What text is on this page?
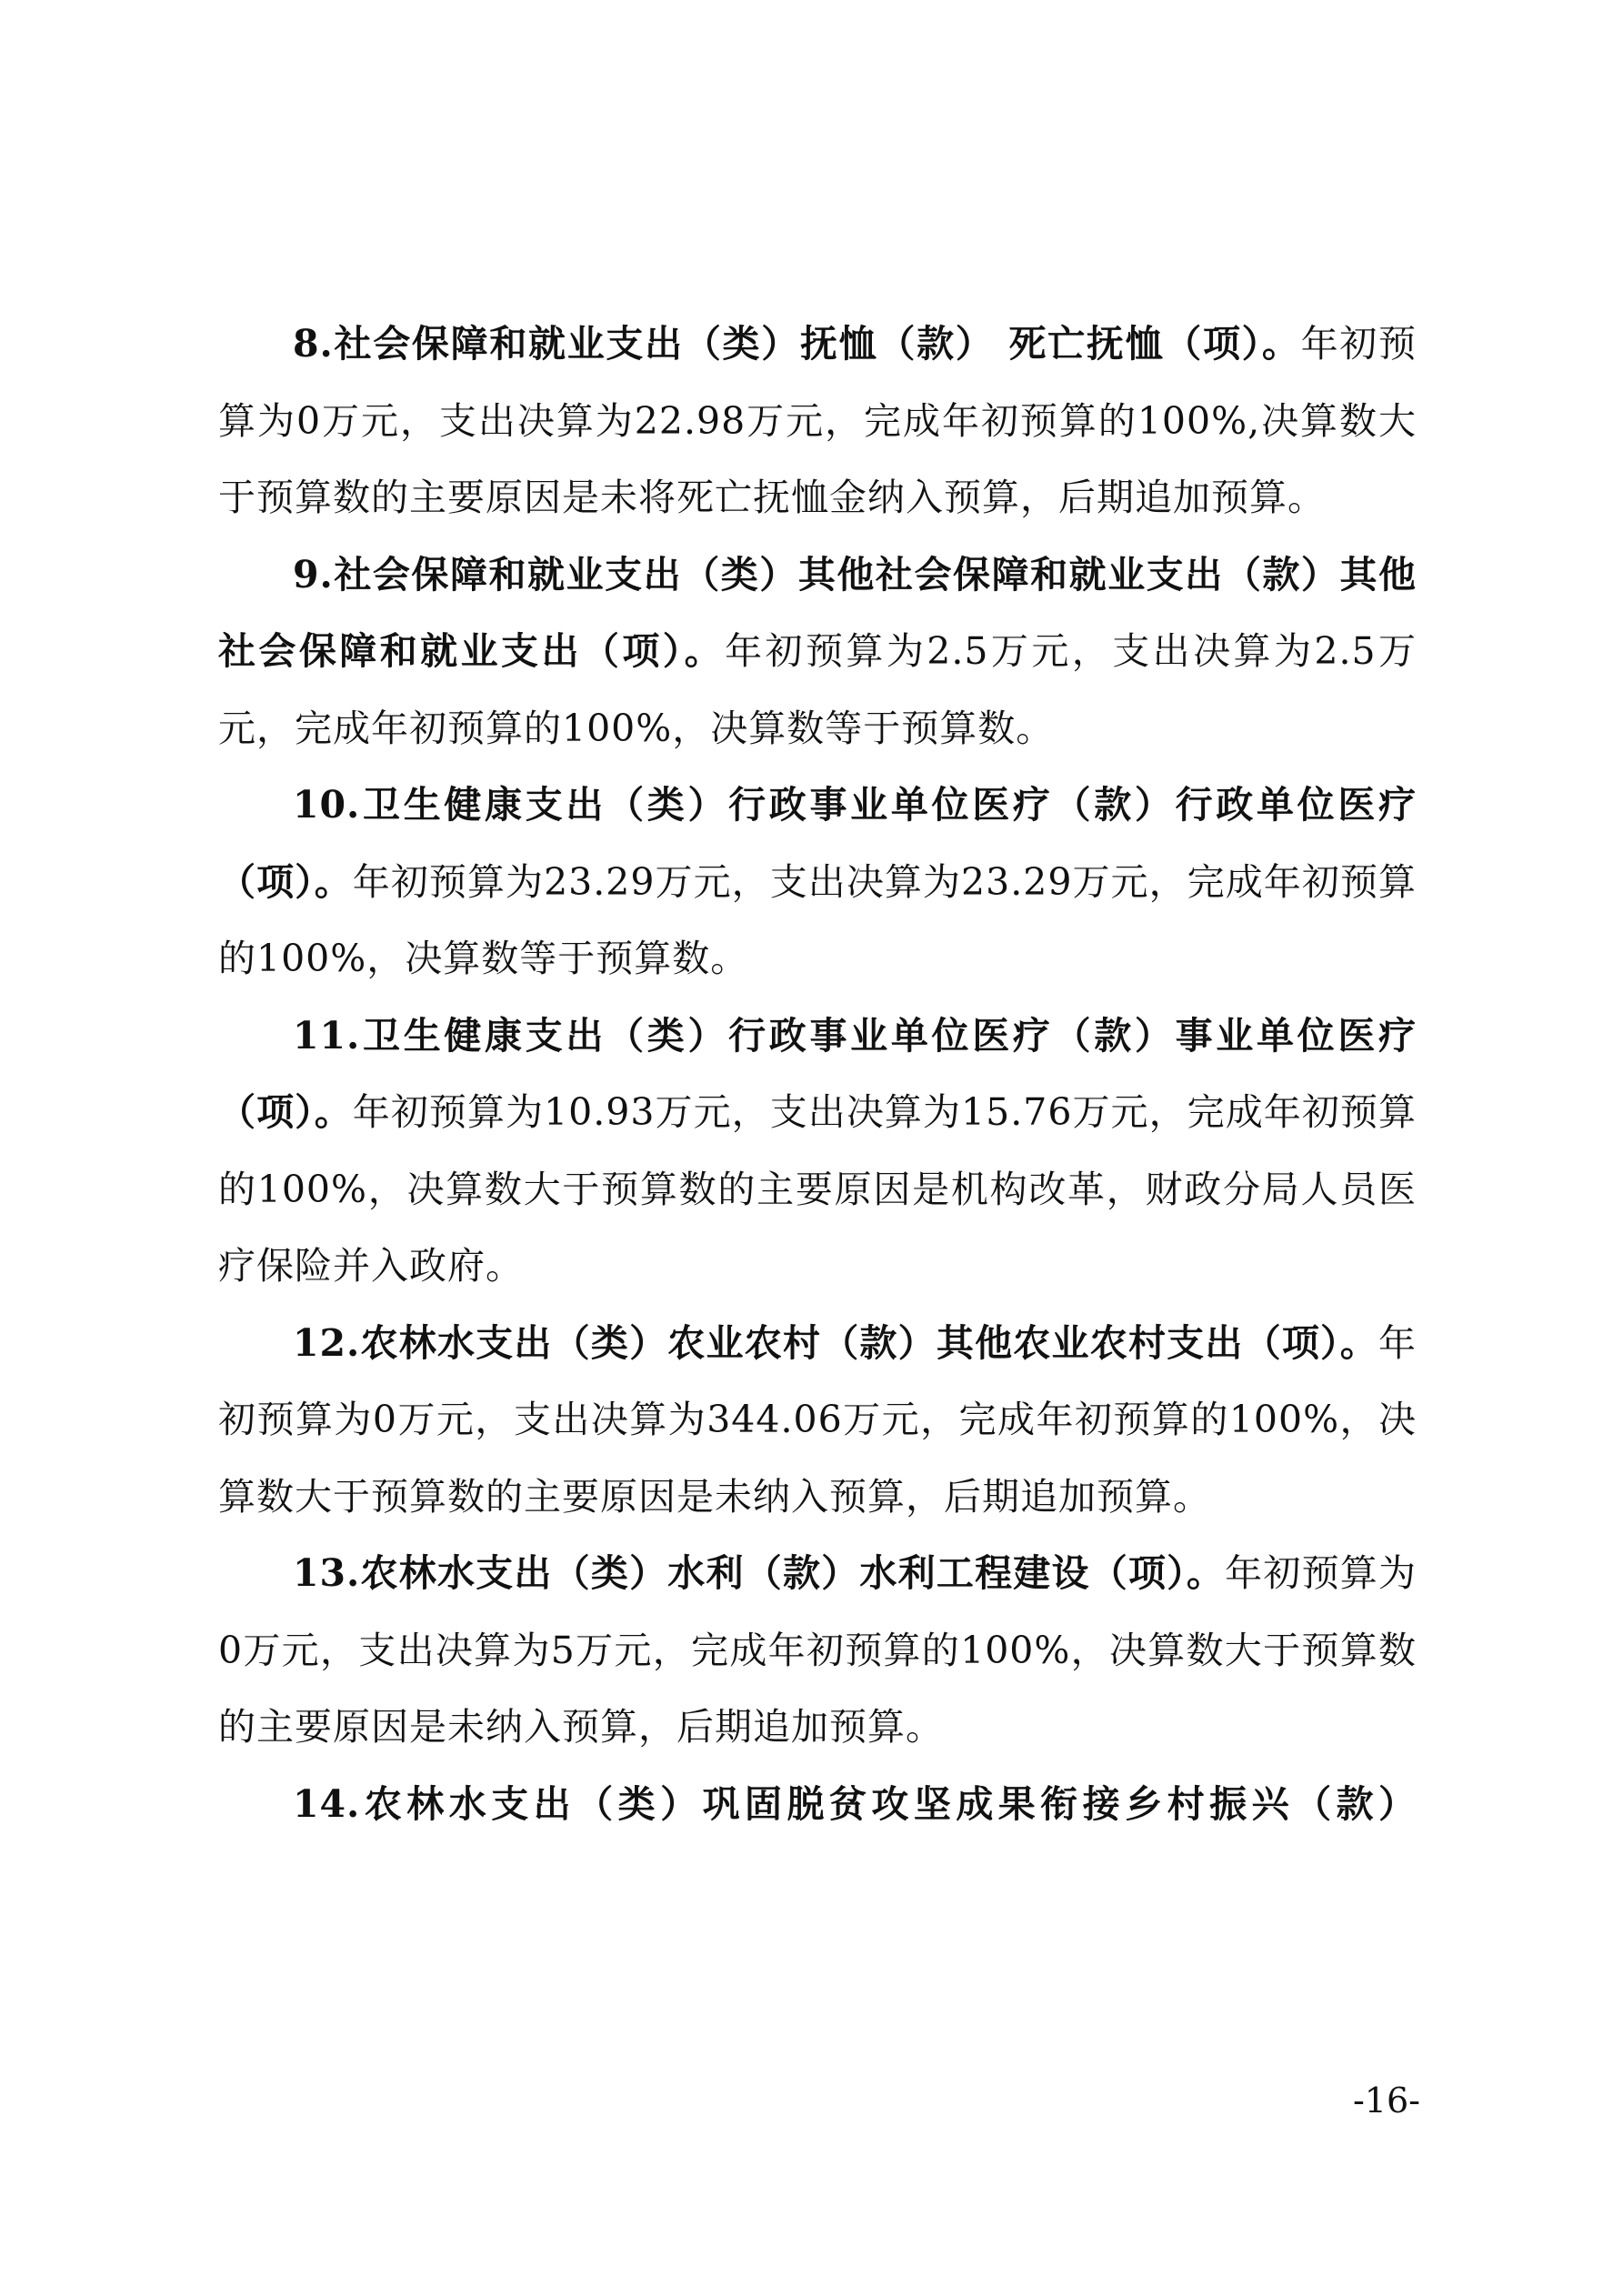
8.社会保障和就业支出（类）抚恤（款） 死亡抚恤（项）。年初预算为0万元，支出决算为22.98万元，完成年初预算的100%,决算数大于预算数的主要原因是未将死亡抚恤金纳入预算，后期追加预算。

9.社会保障和就业支出（类）其他社会保障和就业支出（款）其他社会保障和就业支出（项）。年初预算为2.5万元，支出决算为2.5万元，完成年初预算的100%，决算数等于预算数。

10.卫生健康支出（类）行政事业单位医疗（款）行政单位医疗（项）。年初预算为23.29万元，支出决算为23.29万元，完成年初预算的100%，决算数等于预算数。

11.卫生健康支出（类）行政事业单位医疗（款）事业单位医疗（项）。年初预算为10.93万元，支出决算为15.76万元，完成年初预算的100%，决算数大于预算数的主要原因是机构改革，财政分局人员医疗保险并入政府。

12.农林水支出（类）农业农村（款）其他农业农村支出（项）。年初预算为0万元，支出决算为344.06万元，完成年初预算的100%，决算数大于预算数的主要原因是未纳入预算，后期追加预算。

13.农林水支出（类）水利（款）水利工程建设（项）。年初预算为0万元，支出决算为5万元，完成年初预算的100%，决算数大于预算数的主要原因是未纳入预算，后期追加预算。

14.农林水支出（类）巩固脱贫攻坚成果衔接乡村振兴（款）

-16-
